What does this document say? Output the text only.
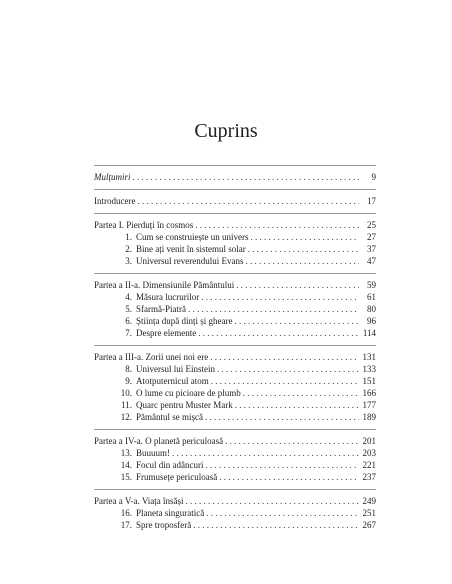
Cuprins
Mulțumiri . . .	9
Introducere . . .	17
Partea I. Pierduți în cosmos . . .	25
1. Cum se construiește un univers . . .	27
2. Bine ați venit în sistemul solar . . .	37
3. Universul reverendului Evans . . .	47
Partea a II-a. Dimensiunile Pământului . . .	59
4. Măsura lucrurilor . . .	61
5. Sfarmă-Piatră . . .	80
6. Știința după dinți și gheare . . .	96
7. Despre elemente . . .	114
Partea a III-a. Zorii unei noi ere . . .	131
8. Universul lui Einstein . . .	133
9. Atotputernicul atom . . .	151
10. O lume cu picioare de plumb . . .	166
11. Quarc pentru Muster Mark . . .	177
12. Pământul se mișcă . . .	189
Partea a IV-a. O planetă periculoasă . . .	201
13. Buuuum! . . .	203
14. Focul din adâncuri . . .	221
15. Frumusețe periculoasă . . .	237
Partea a V-a. Viața însăși . . .	249
16. Planeta singuratică . . .	251
17. Spre troposferă . . .	267
